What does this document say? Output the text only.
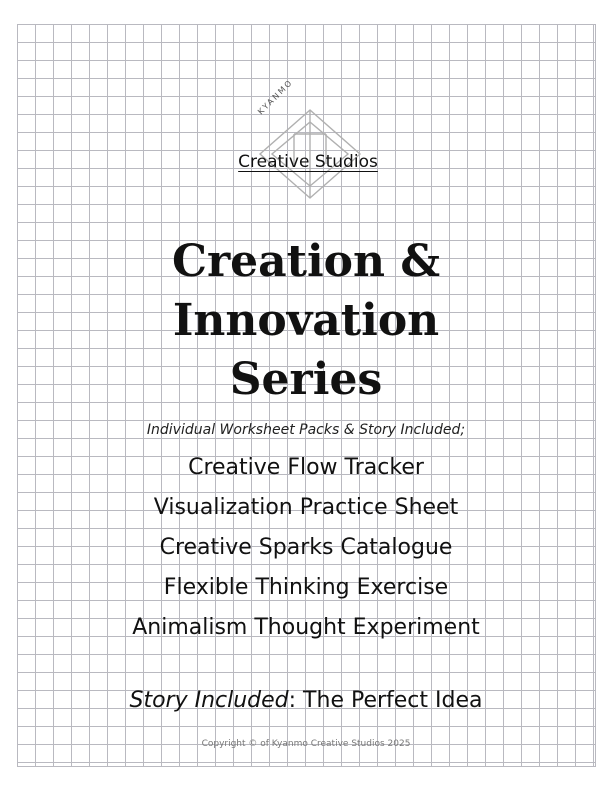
KYANMO
Creative Studios
Creation &
Innovation
Series
Individual Worksheet Packs & Story Included;
Creative Flow Tracker
Visualization Practice Sheet
Creative Sparks Catalogue
Flexible Thinking Exercise
Animalism Thought Experiment
Story Included: The Perfect Idea
Copyright © of Kyanmo Creative Studios 2025
